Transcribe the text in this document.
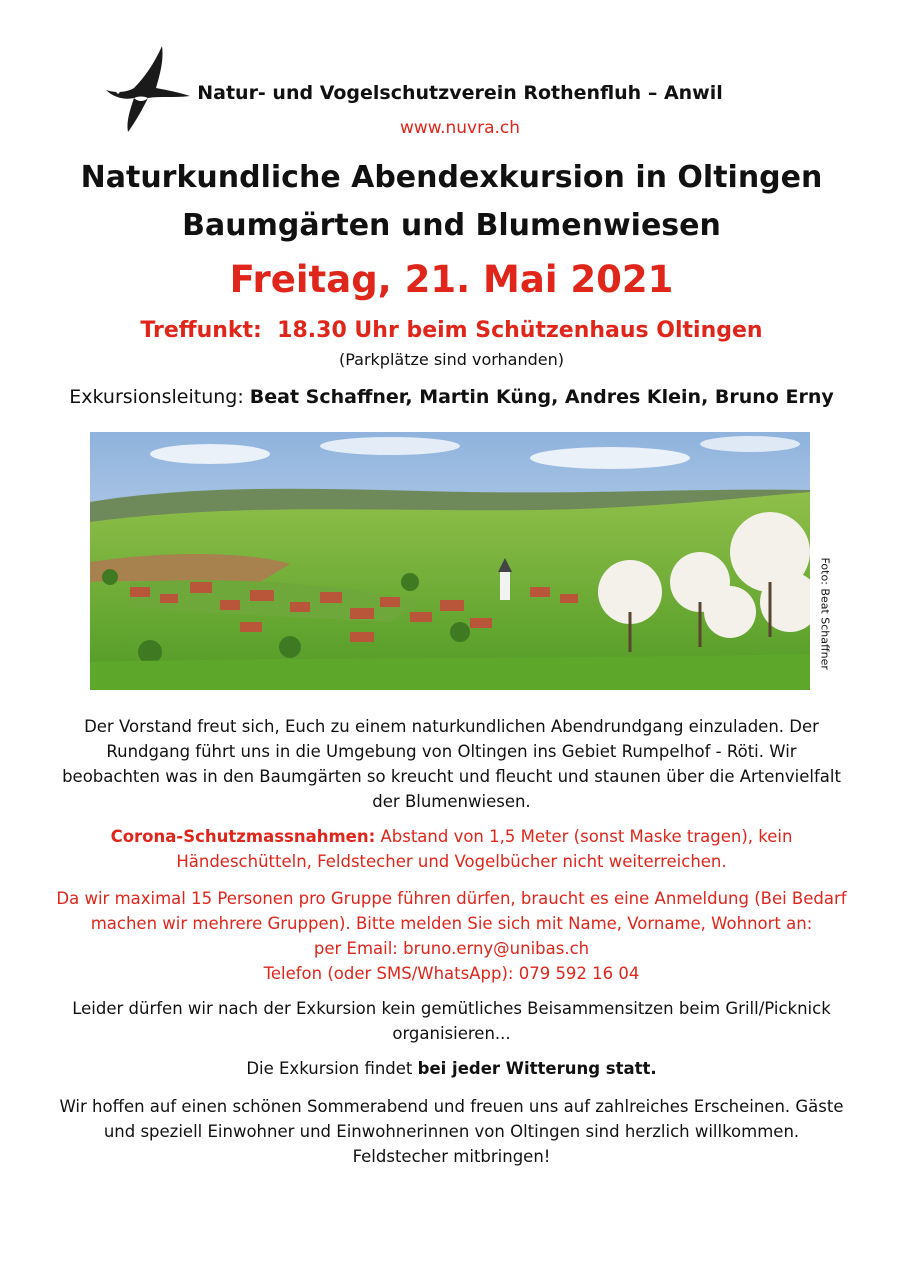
Natur- und Vogelschutzverein Rothenfluh – Anwil
www.nuvra.ch
Naturkundliche Abendexkursion in Oltingen
Baumgärten und Blumenwiesen
Freitag, 21. Mai 2021
Treffunkt:  18.30 Uhr beim Schützenhaus Oltingen
(Parkplätze sind vorhanden)
Exkursionsleitung: Beat Schaffner, Martin Küng, Andres Klein, Bruno Erny
Foto: Beat Schaffner
Der Vorstand freut sich, Euch zu einem naturkundlichen Abendrundgang einzuladen. Der Rundgang führt uns in die Umgebung von Oltingen ins Gebiet Rumpelhof - Röti. Wir beobachten was in den Baumgärten so kreucht und fleucht und staunen über die Artenvielfalt der Blumenwiesen.
Corona-Schutzmassnahmen: Abstand von 1,5 Meter (sonst Maske tragen), kein Händeschütteln, Feldstecher und Vogelbücher nicht weiterreichen.
Da wir maximal 15 Personen pro Gruppe führen dürfen, braucht es eine Anmeldung (Bei Bedarf machen wir mehrere Gruppen). Bitte melden Sie sich mit Name, Vorname, Wohnort an:
per Email: bruno.erny@unibas.ch
Telefon (oder SMS/WhatsApp): 079 592 16 04
Leider dürfen wir nach der Exkursion kein gemütliches Beisammensitzen beim Grill/Picknick organisieren...
Die Exkursion findet bei jeder Witterung statt.
Wir hoffen auf einen schönen Sommerabend und freuen uns auf zahlreiches Erscheinen. Gäste und speziell Einwohner und Einwohnerinnen von Oltingen sind herzlich willkommen. Feldstecher mitbringen!
